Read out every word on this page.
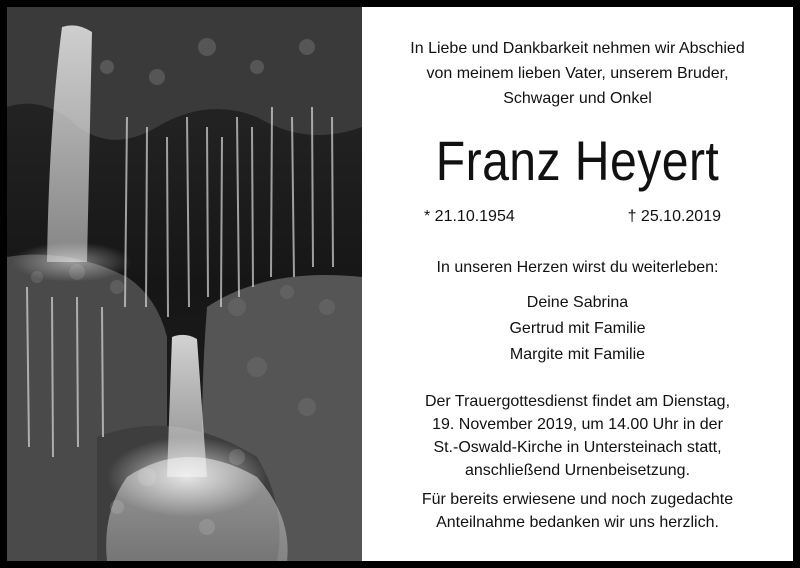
In Liebe und Dankbarkeit nehmen wir Abschied
von meinem lieben Vater, unserem Bruder,
Schwager und Onkel
Franz Heyert
* 21.10.1954	† 25.10.2019
In unseren Herzen wirst du weiterleben:
Deine Sabrina
Gertrud mit Familie
Margite mit Familie
Der Trauergottesdienst findet am Dienstag,
19. November 2019, um 14.00 Uhr in der
St.-Oswald-Kirche in Untersteinach statt,
anschließend Urnenbeisetzung.
Für bereits erwiesene und noch zugedachte
Anteilnahme bedanken wir uns herzlich.
